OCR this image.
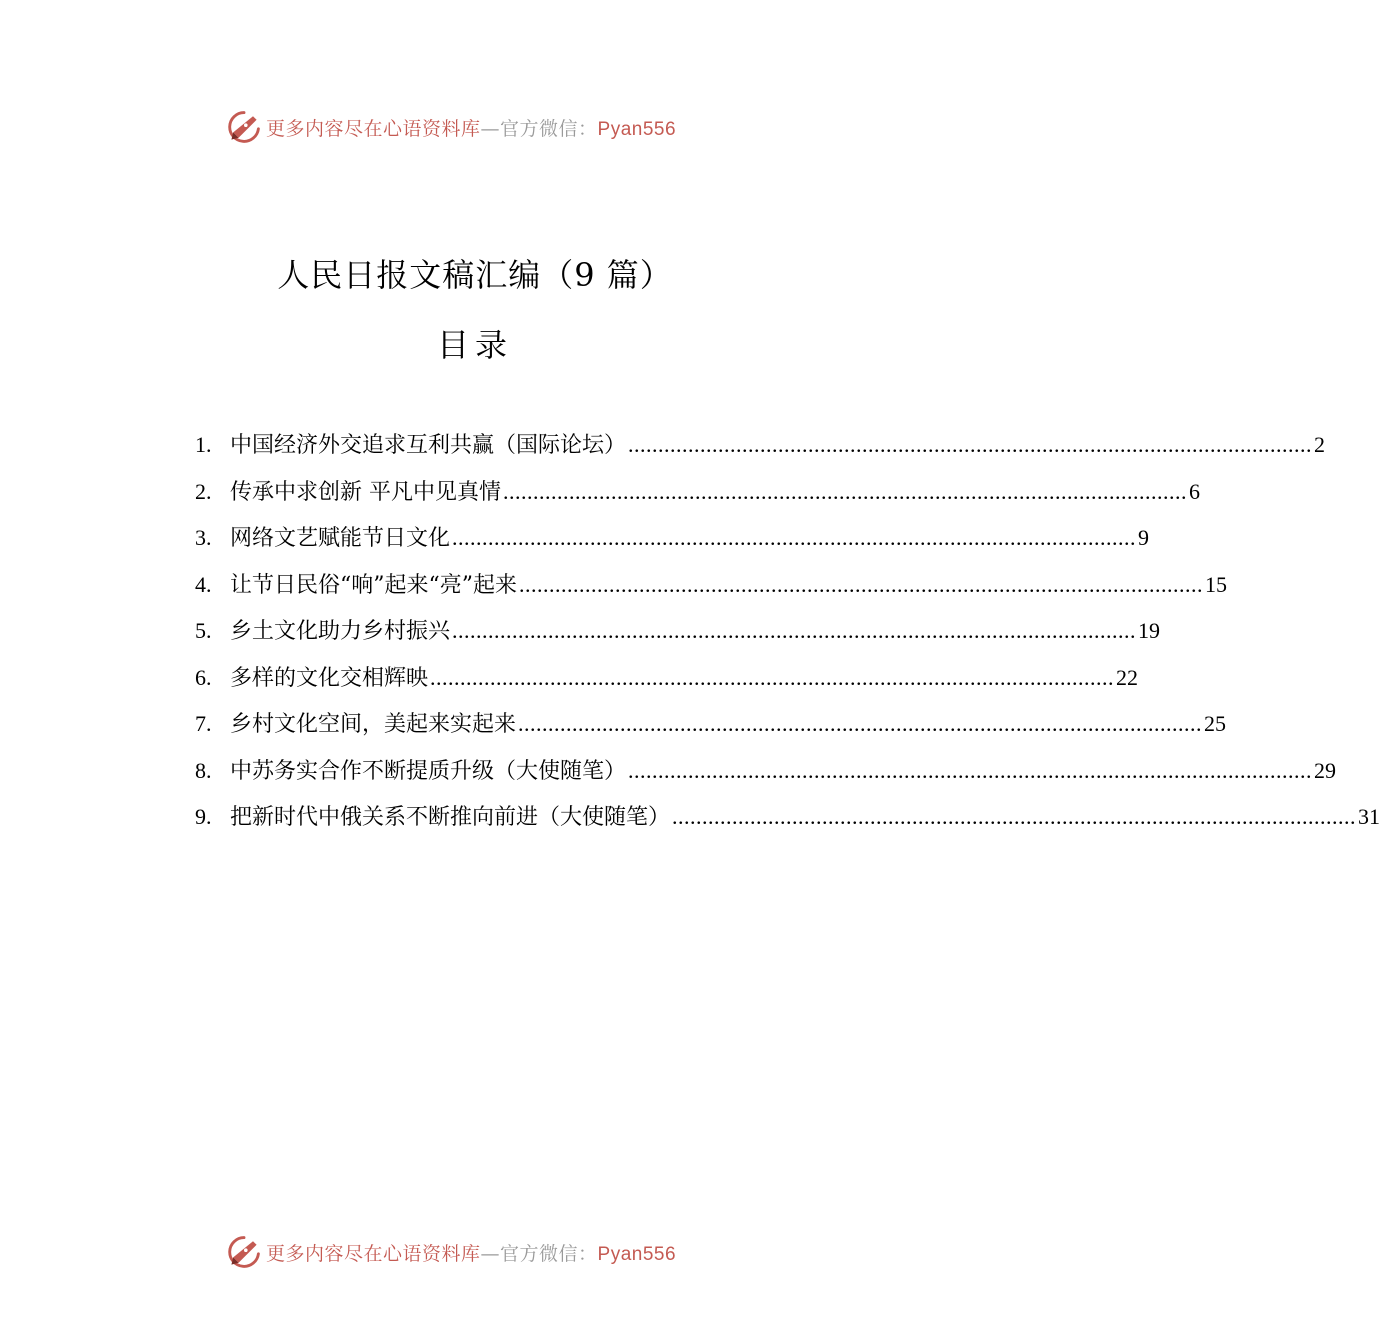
更多内容尽在心语资料库—官方微信：Pyan556
人民日报文稿汇编（9 篇）
目录
1. 中国经济外交追求互利共赢（国际论坛） .................................................................................................................. 2
2. 传承中求创新 平凡中见真情 .................................................................................................................. 6
3. 网络文艺赋能节日文化 .................................................................................................................. 9
4. 让节日民俗“响”起来“亮”起来 .................................................................................................................. 15
5. 乡土文化助力乡村振兴 .................................................................................................................. 19
6. 多样的文化交相辉映 .................................................................................................................. 22
7. 乡村文化空间，美起来实起来 .................................................................................................................. 25
8. 中苏务实合作不断提质升级（大使随笔） .................................................................................................................. 29
9. 把新时代中俄关系不断推向前进（大使随笔） .................................................................................................................. 31
更多内容尽在心语资料库—官方微信：Pyan556
